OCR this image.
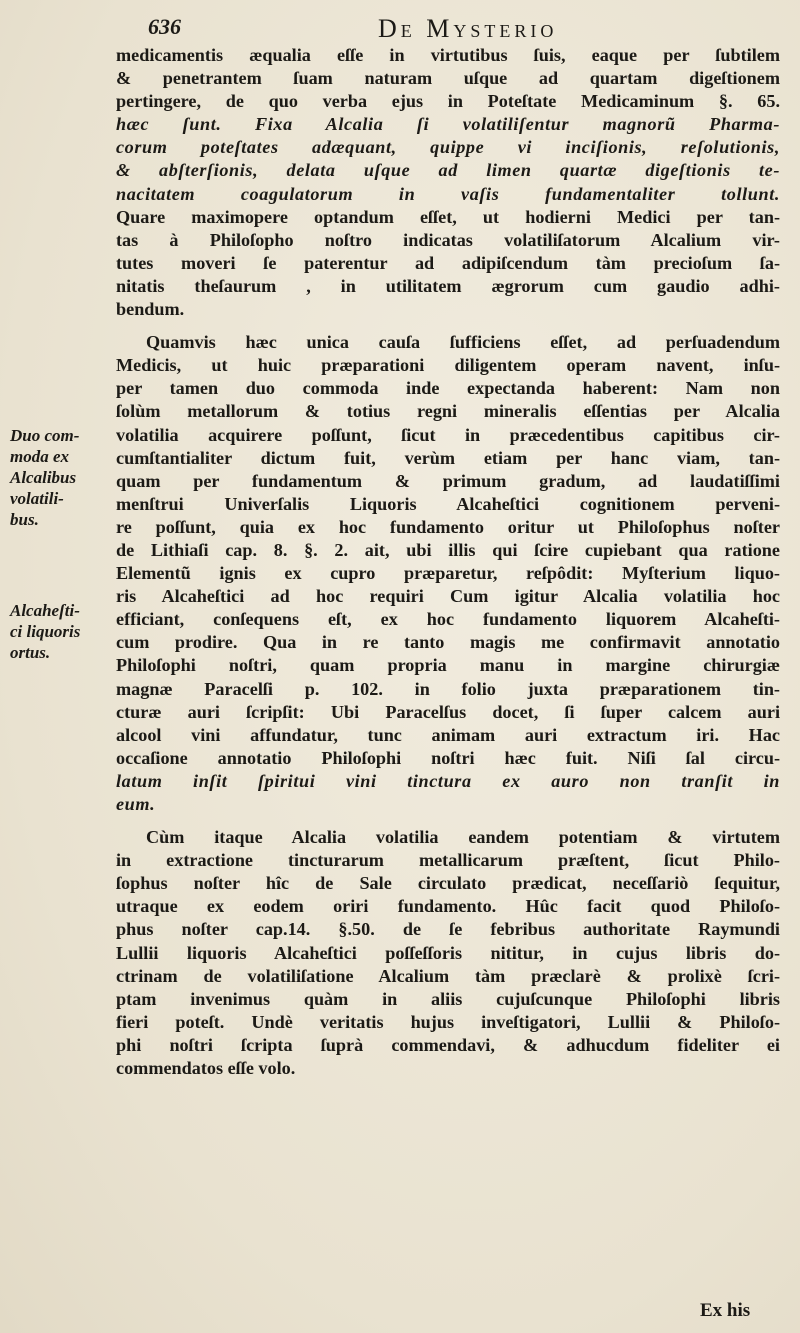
636	De Mysterio
medicamentis æqualia eſſe in virtutibus ſuis, eaque per ſubtilem
& penetrantem ſuam naturam uſque ad quartam digeſtionem
pertingere, de quo verba ejus in Poteſtate Medicaminum §. 65.
hæc ſunt. Fixa Alcalia ſi volatiliſentur magnorũ Pharma-
corum poteſtates adæquant, quippe vi inciſionis, reſolutionis,
& abſterſionis, delata uſque ad limen quartæ digeſtionis te-
nacitatem coagulatorum in vaſis fundamentaliter tollunt.
Quare maximopere optandum eſſet, ut hodierni Medici per tan-
tas à Philoſopho noſtro indicatas volatiliſatorum Alcalium vir-
tutes moveri ſe paterentur ad adipiſcendum tàm precioſum ſa-
nitatis theſaurum , in utilitatem ægrorum cum gaudio adhi-
bendum.
Quamvis hæc unica cauſa ſufficiens eſſet, ad perſuadendum
Medicis, ut huic præparationi diligentem operam navent, inſu-
per tamen duo commoda inde expectanda haberent: Nam non
ſolùm metallorum & totius regni mineralis eſſentias per Alcalia
volatilia acquirere poſſunt, ſicut in præcedentibus capitibus cir-
cumſtantialiter dictum fuit, verùm etiam per hanc viam, tan-
quam per fundamentum & primum gradum, ad laudatiſſimi
menſtrui Univerſalis Liquoris Alcaheſtici cognitionem perveni-
re poſſunt, quia ex hoc fundamento oritur ut Philoſophus noſter
de Lithiaſi cap. 8. §. 2. ait, ubi illis qui ſcire cupiebant qua ratione
Elementũ ignis ex cupro præparetur, reſpôdit: Myſterium liquo-
ris Alcaheſtici ad hoc requiri Cum igitur Alcalia volatilia hoc
efficiant, conſequens eſt, ex hoc fundamento liquorem Alcaheſti-
cum prodire. Qua in re tanto magis me confirmavit annotatio
Philoſophi noſtri, quam propria manu in margine chirurgiæ
magnæ Paracelſi p. 102. in folio juxta præparationem tin-
cturæ auri ſcripſit: Ubi Paracelſus docet, ſi ſuper calcem auri
alcool vini affundatur, tunc animam auri extractum iri. Hac
occaſione annotatio Philoſophi noſtri hæc fuit. Niſi ſal circu-
latum inſit ſpiritui vini tinctura ex auro non tranſit in
eum.
Cùm itaque Alcalia volatilia eandem potentiam & virtutem
in extractione tincturarum metallicarum præſtent, ſicut Philo-
ſophus noſter hîc de Sale circulato prædicat, neceſſariò ſequitur,
utraque ex eodem oriri fundamento. Hûc facit quod Philoſo-
phus noſter cap.14. §.50. de ſe febribus authoritate Raymundi
Lullii liquoris Alcaheſtici poſſeſſoris nititur, in cujus libris do-
ctrinam de volatiliſatione Alcalium tàm præclarè & prolixè ſcri-
ptam invenimus quàm in aliis cujuſcunque Philoſophi libris
fieri poteſt. Undè veritatis hujus inveſtigatori, Lullii & Philoſo-
phi noſtri ſcripta ſuprà commendavi, & adhucdum fideliter ei
commendatos eſſe volo.
Duo com-
moda ex
Alcalibus
volatili-
bus.
Alcaheſti-
ci liquoris
ortus.
Ex his
